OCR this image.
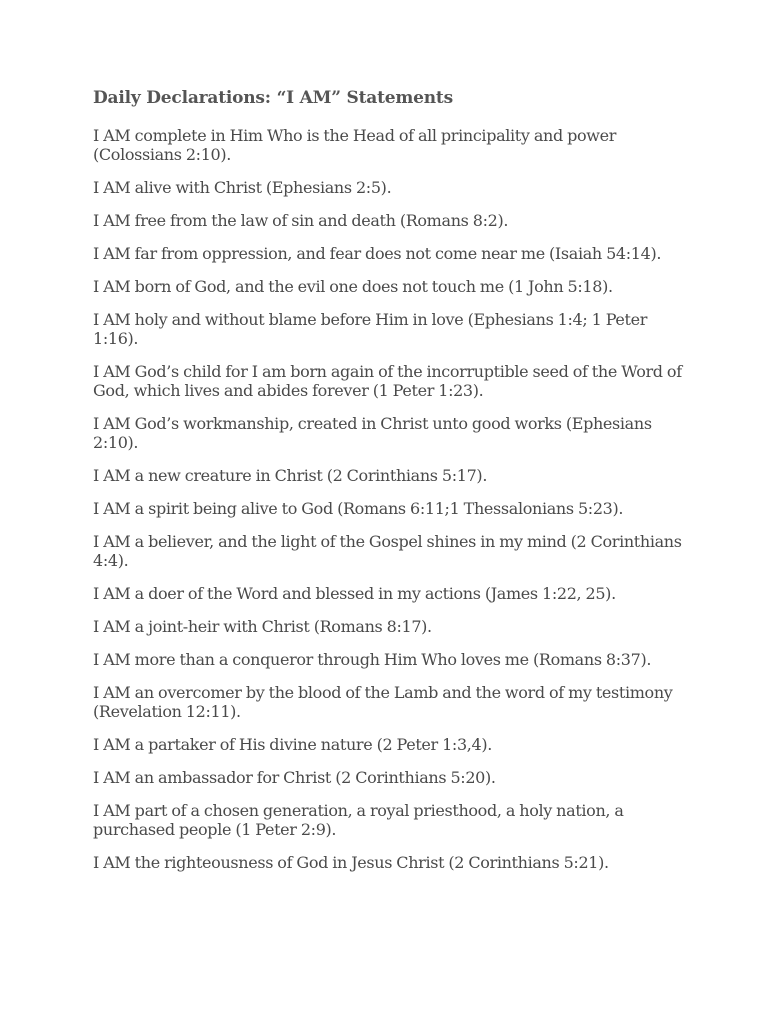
Daily Declarations: “I AM” Statements

I AM complete in Him Who is the Head of all principality and power (Colossians 2:10).

I AM alive with Christ (Ephesians 2:5).

I AM free from the law of sin and death (Romans 8:2).

I AM far from oppression, and fear does not come near me (Isaiah 54:14).

I AM born of God, and the evil one does not touch me (1 John 5:18).

I AM holy and without blame before Him in love (Ephesians 1:4; 1 Peter 1:16).

I AM God’s child for I am born again of the incorruptible seed of the Word of God, which lives and abides forever (1 Peter 1:23).

I AM God’s workmanship, created in Christ unto good works (Ephesians 2:10).

I AM a new creature in Christ (2 Corinthians 5:17).

I AM a spirit being alive to God (Romans 6:11;1 Thessalonians 5:23).

I AM a believer, and the light of the Gospel shines in my mind (2 Corinthians 4:4).

I AM a doer of the Word and blessed in my actions (James 1:22, 25).

I AM a joint-heir with Christ (Romans 8:17).

I AM more than a conqueror through Him Who loves me (Romans 8:37).

I AM an overcomer by the blood of the Lamb and the word of my testimony (Revelation 12:11).

I AM a partaker of His divine nature (2 Peter 1:3,4).

I AM an ambassador for Christ (2 Corinthians 5:20).

I AM part of a chosen generation, a royal priesthood, a holy nation, a purchased people (1 Peter 2:9).

I AM the righteousness of God in Jesus Christ (2 Corinthians 5:21).
